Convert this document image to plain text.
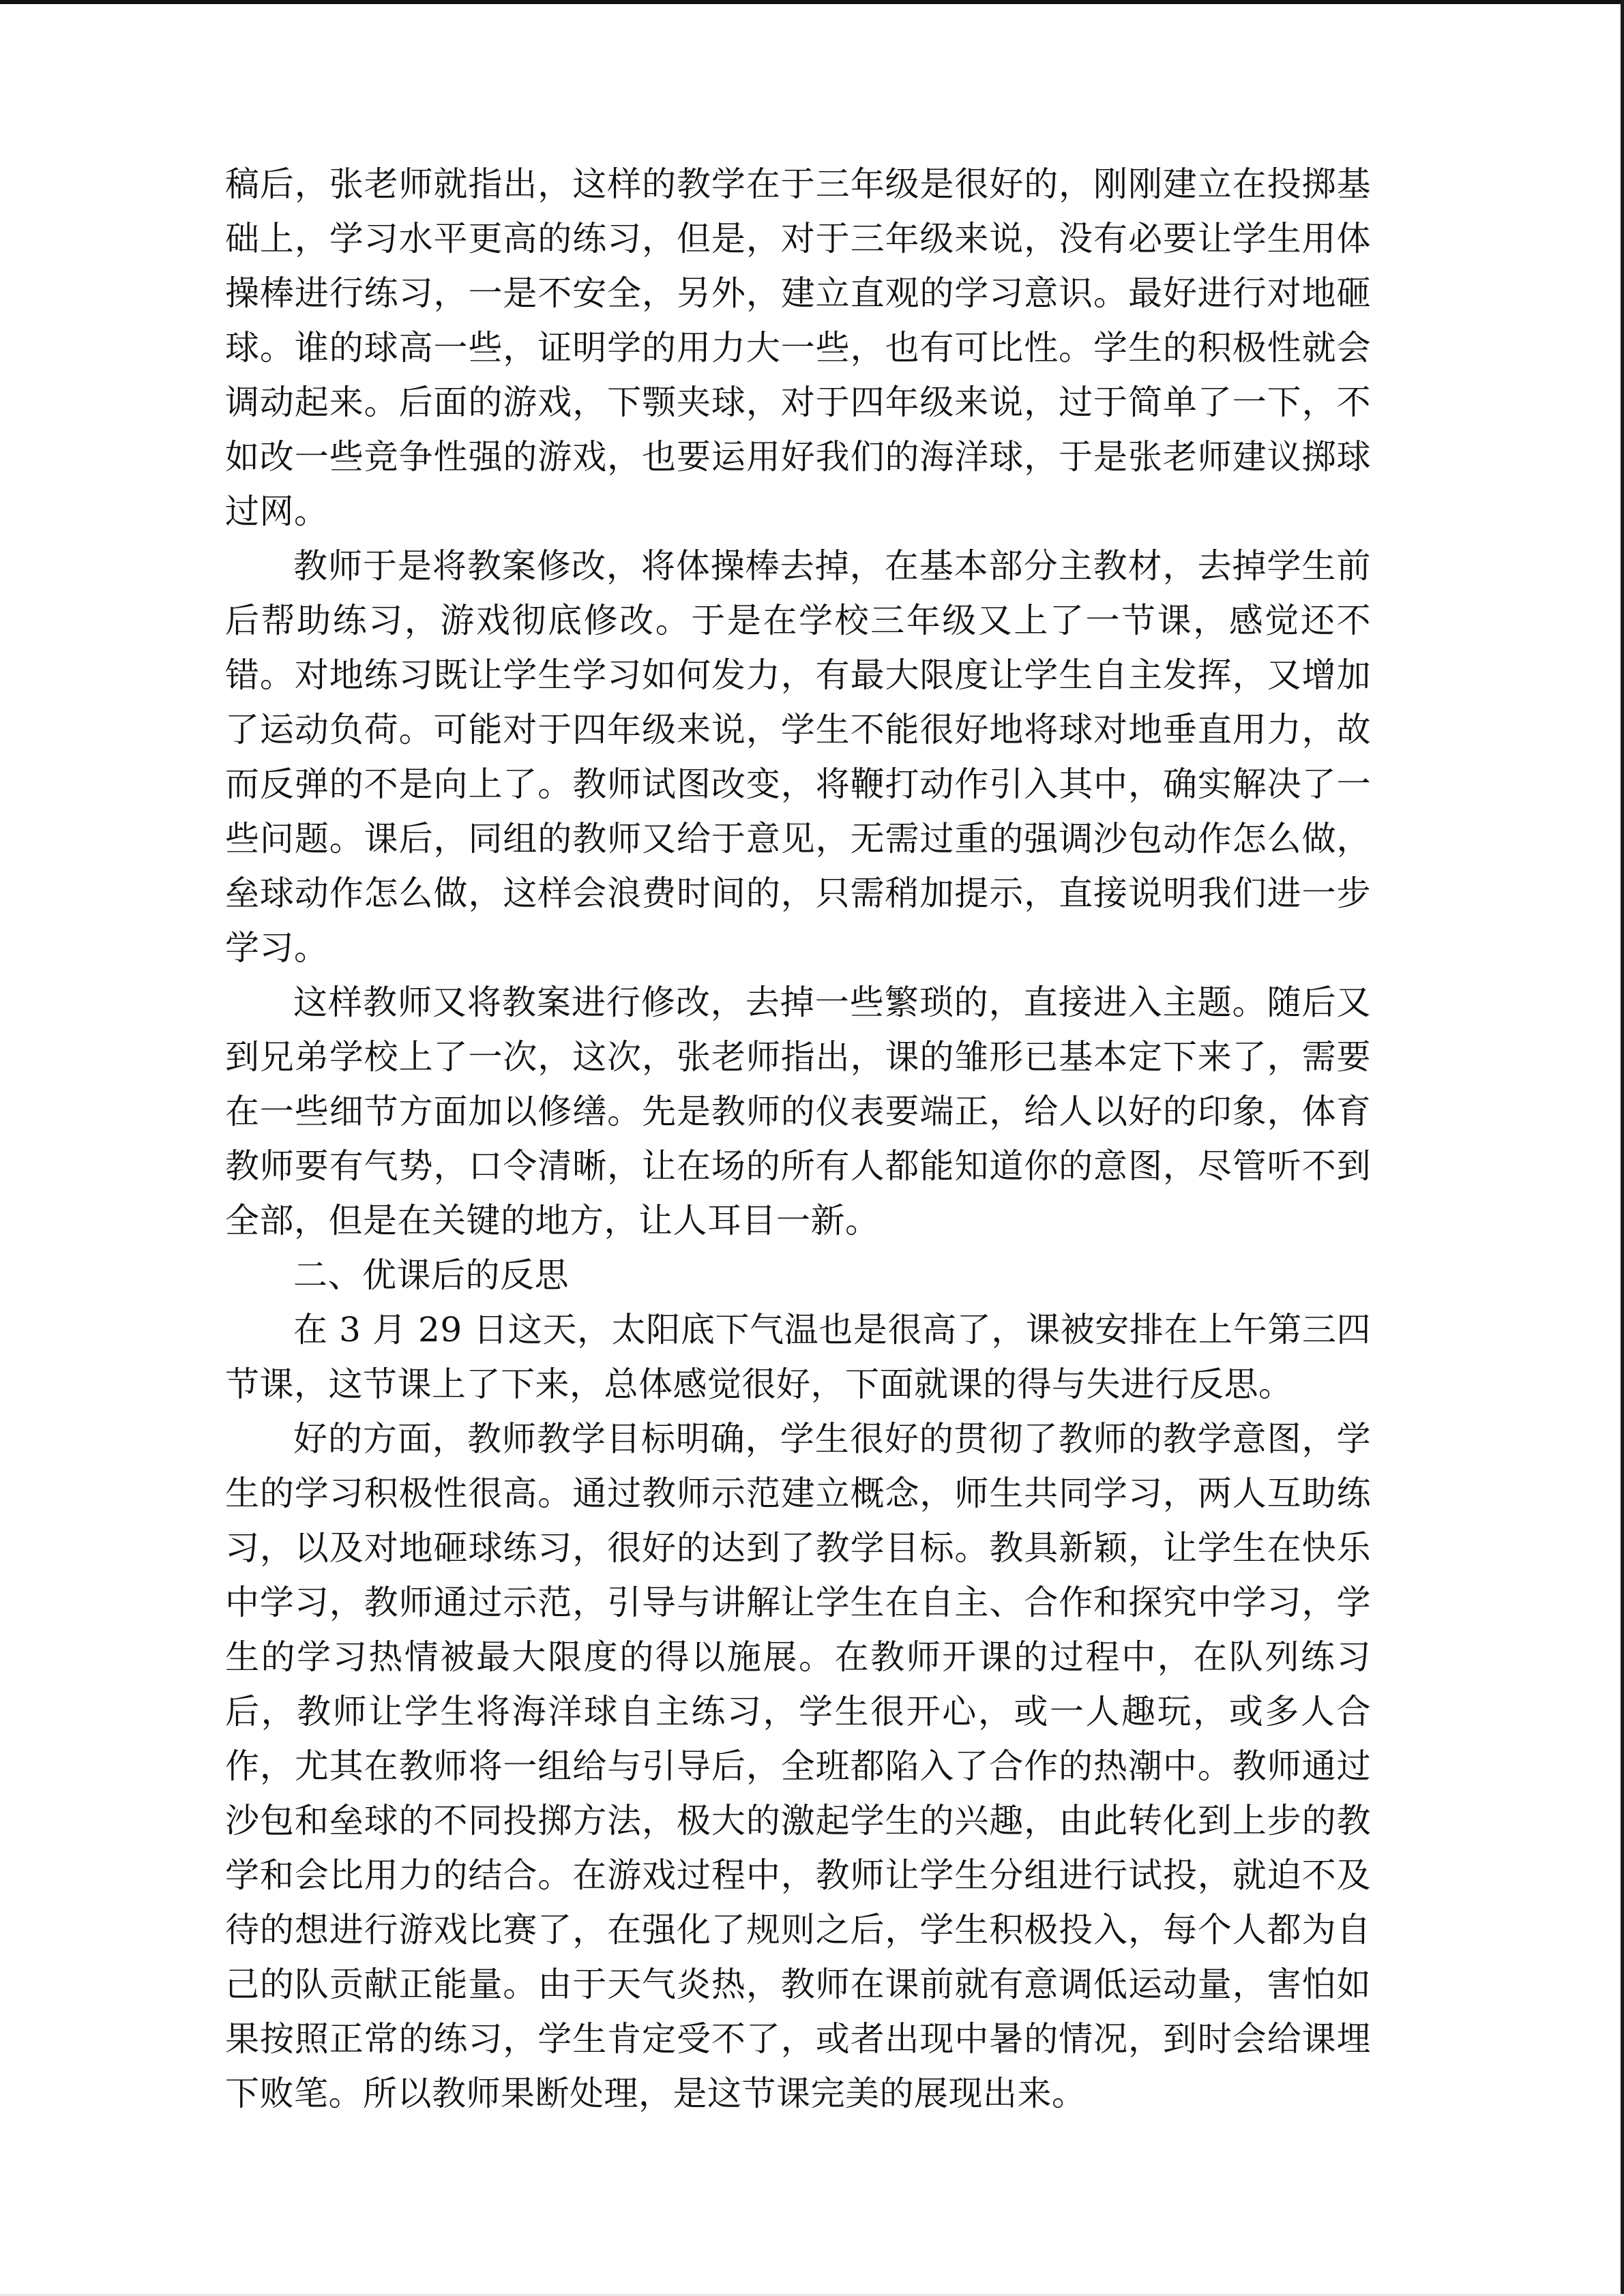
稿后，张老师就指出，这样的教学在于三年级是很好的，刚刚建立在投掷基础上，学习水平更高的练习，但是，对于三年级来说，没有必要让学生用体操棒进行练习，一是不安全，另外，建立直观的学习意识。最好进行对地砸球。谁的球高一些，证明学的用力大一些，也有可比性。学生的积极性就会调动起来。后面的游戏，下颚夹球，对于四年级来说，过于简单了一下，不如改一些竞争性强的游戏，也要运用好我们的海洋球，于是张老师建议掷球过网。

教师于是将教案修改，将体操棒去掉，在基本部分主教材，去掉学生前后帮助练习，游戏彻底修改。于是在学校三年级又上了一节课，感觉还不错。对地练习既让学生学习如何发力，有最大限度让学生自主发挥，又增加了运动负荷。可能对于四年级来说，学生不能很好地将球对地垂直用力，故而反弹的不是向上了。教师试图改变，将鞭打动作引入其中，确实解决了一些问题。课后，同组的教师又给于意见，无需过重的强调沙包动作怎么做，垒球动作怎么做，这样会浪费时间的，只需稍加提示，直接说明我们进一步学习。

这样教师又将教案进行修改，去掉一些繁琐的，直接进入主题。随后又到兄弟学校上了一次，这次，张老师指出，课的雏形已基本定下来了，需要在一些细节方面加以修缮。先是教师的仪表要端正，给人以好的印象，体育教师要有气势，口令清晰，让在场的所有人都能知道你的意图，尽管听不到全部，但是在关键的地方，让人耳目一新。

二、优课后的反思

在 3 月 29 日这天，太阳底下气温也是很高了，课被安排在上午第三四节课，这节课上了下来，总体感觉很好，下面就课的得与失进行反思。

好的方面，教师教学目标明确，学生很好的贯彻了教师的教学意图，学生的学习积极性很高。通过教师示范建立概念，师生共同学习，两人互助练习，以及对地砸球练习，很好的达到了教学目标。教具新颖，让学生在快乐中学习，教师通过示范，引导与讲解让学生在自主、合作和探究中学习，学生的学习热情被最大限度的得以施展。在教师开课的过程中，在队列练习后，教师让学生将海洋球自主练习，学生很开心，或一人趣玩，或多人合作，尤其在教师将一组给与引导后，全班都陷入了合作的热潮中。教师通过沙包和垒球的不同投掷方法，极大的激起学生的兴趣，由此转化到上步的教学和会比用力的结合。在游戏过程中，教师让学生分组进行试投，就迫不及待的想进行游戏比赛了，在强化了规则之后，学生积极投入，每个人都为自己的队贡献正能量。由于天气炎热，教师在课前就有意调低运动量，害怕如果按照正常的练习，学生肯定受不了，或者出现中暑的情况，到时会给课埋下败笔。所以教师果断处理，是这节课完美的展现出来。
